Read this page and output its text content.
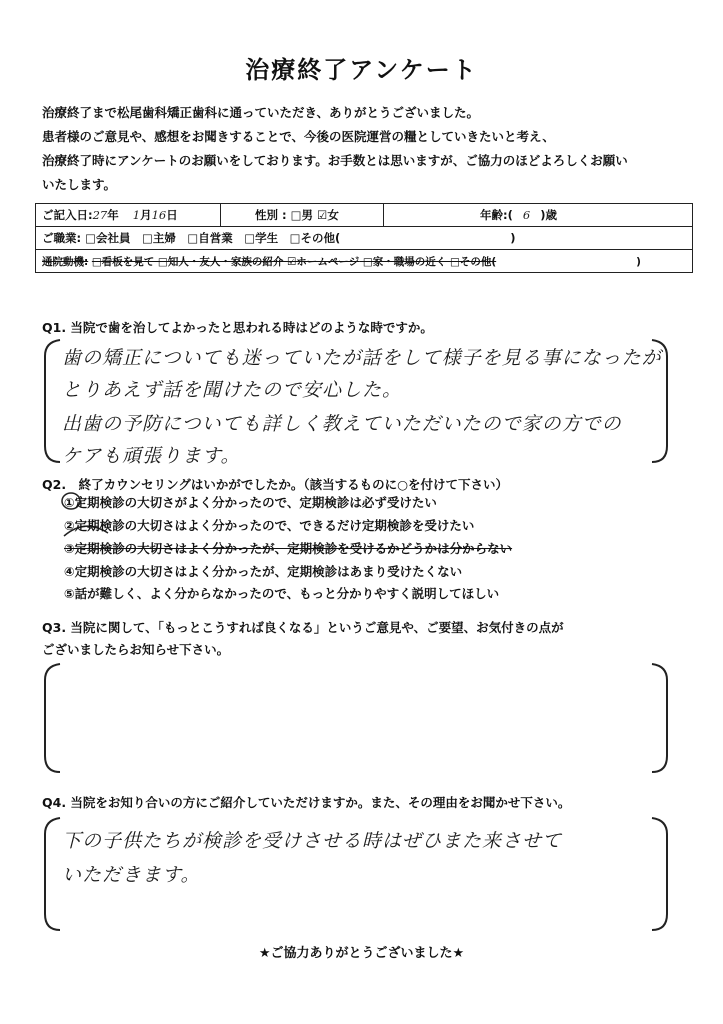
治療終了アンケート
治療終了まで松尾歯科矯正歯科に通っていただき、ありがとうございました。
患者様のご意見や、感想をお聞きすることで、今後の医院運営の糧としていきたいと考え、
治療終了時にアンケートのお願いをしております。お手数とは思いますが、ご協力のほどよろしくお願い
いたします。
ご記入日:27年 1月16日	性別 : □男 ☑女	年齢:( 6 )歳
ご職業: □会社員　□主婦　□自営業　□学生　□その他(	)
通院動機: □看板を見て □知人・友人・家族の紹介 ☑ホームページ □家・職場の近く □その他(	)
Q1. 当院で歯を治してよかったと思われる時はどのような時ですか。
歯の矯正についても迷っていたが話をして様子を見る事になったが
とりあえず話を聞けたので安心した。
出歯の予防についても詳しく教えていただいたので家の方での
ケアも頑張ります。
Q2.　終了カウンセリングはいかがでしたか。（該当するものに○を付けて下さい）
①定期検診の大切さがよく分かったので、定期検診は必ず受けたい
②定期検診の大切さはよく分かったので、できるだけ定期検診を受けたい
③定期検診の大切さはよく分かったが、定期検診を受けるかどうかは分からない
④定期検診の大切さはよく分かったが、定期検診はあまり受けたくない
⑤話が難しく、よく分からなかったので、もっと分かりやすく説明してほしい
Q3. 当院に関して、「もっとこうすれば良くなる」というご意見や、ご要望、お気付きの点が
ございましたらお知らせ下さい。
Q4. 当院をお知り合いの方にご紹介していただけますか。また、その理由をお聞かせ下さい。
下の子供たちが検診を受けさせる時はぜひまた来させて
いただきます。
★ご協力ありがとうございました★
